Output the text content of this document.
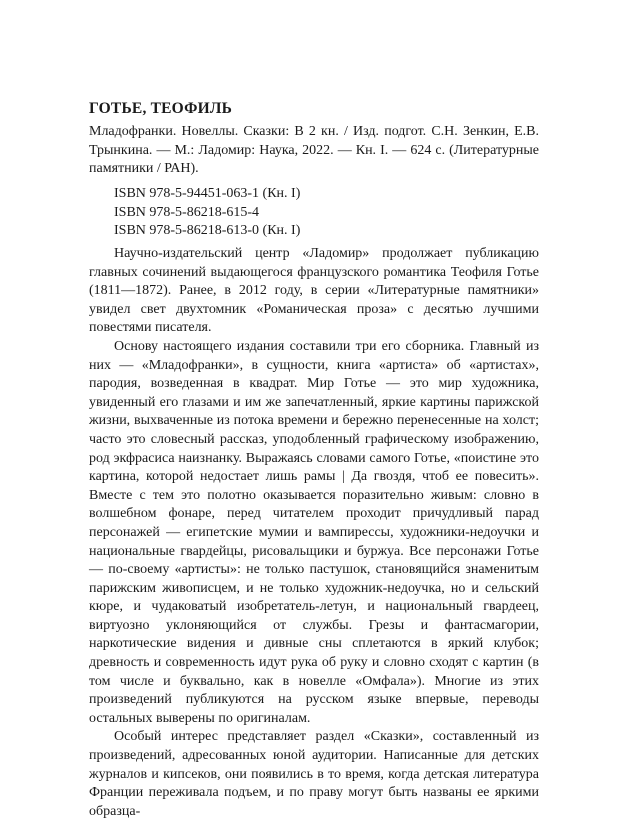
ГОТЬЕ, ТЕОФИЛЬ

Младофранки. Новеллы. Сказки: В 2 кн. / Изд. подгот. С.Н. Зенкин, Е.В. Трынкина. — М.: Ладомир: Наука, 2022. — Кн. I. — 624 с. (Литературные памятники / РАН).

ISBN 978-5-94451-063-1 (Кн. I)
ISBN 978-5-86218-615-4
ISBN 978-5-86218-613-0 (Кн. I)

Научно-издательский центр «Ладомир» продолжает публикацию главных сочинений выдающегося французского романтика Теофиля Готье (1811—1872). Ранее, в 2012 году, в серии «Литературные памятники» увидел свет двухтомник «Романическая проза» с десятью лучшими повестями писателя.

Основу настоящего издания составили три его сборника. Главный из них — «Младофранки», в сущности, книга «артиста» об «артистах», пародия, возведенная в квадрат. Мир Готье — это мир художника, увиденный его глазами и им же запечатленный, яркие картины парижской жизни, выхваченные из потока времени и бережно перенесенные на холст; часто это словесный рассказ, уподобленный графическому изображению, род экфрасиса наизнанку. Выражаясь словами самого Готье, «поистине это картина, которой недостает лишь рамы | Да гвоздя, чтоб ее повесить». Вместе с тем это полотно оказывается поразительно живым: словно в волшебном фонаре, перед читателем проходит причудливый парад персонажей — египетские мумии и вампирессы, художники-недоучки и национальные гвардейцы, рисовальщики и буржуа. Все персонажи Готье — по-своему «артисты»: не только пастушок, становящийся знаменитым парижским живописцем, и не только художник-недоучка, но и сельский кюре, и чудаковатый изобретатель-летун, и национальный гвардеец, виртуозно уклоняющийся от службы. Грезы и фантасмагории, наркотические видения и дивные сны сплетаются в яркий клубок; древность и современность идут рука об руку и словно сходят с картин (в том числе и буквально, как в новелле «Омфала»). Многие из этих произведений публикуются на русском языке впервые, переводы остальных выверены по оригиналам.

Особый интерес представляет раздел «Сказки», составленный из произведений, адресованных юной аудитории. Написанные для детских журналов и кипсеков, они появились в то время, когда детская литература Франции переживала подъем, и по праву могут быть названы ее яркими образца-
